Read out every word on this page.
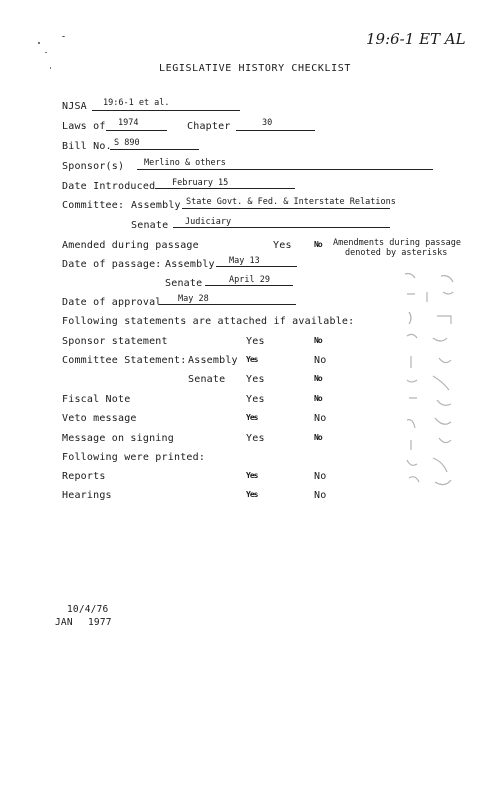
19:6-1 ET AL
LEGISLATIVE HISTORY CHECKLIST
NJSA 19:6-1 et al.
Laws of 1974	Chapter	30
Bill No. S 890
Sponsor(s) Merlino & others
Date Introduced February 15
Committee: Assembly State Govt. & Fed. & Interstate Relations
Senate Judiciary
Amended during passage	Yes	No Amendments during passage
denoted by asterisks
Date of passage: Assembly May 13
Senate	April 29
Date of approval May 28
Following statements are attached if available:
Sponsor statement	Yes	No
Committee Statement: Assembly Yes	No
Senate Yes	No
Fiscal Note	Yes	No
Veto message	Yes	No
Message on signing	Yes	No
Following were printed:
Reports	Yes	No
Hearings	Yes	No
10/4/76
JAN 1977
